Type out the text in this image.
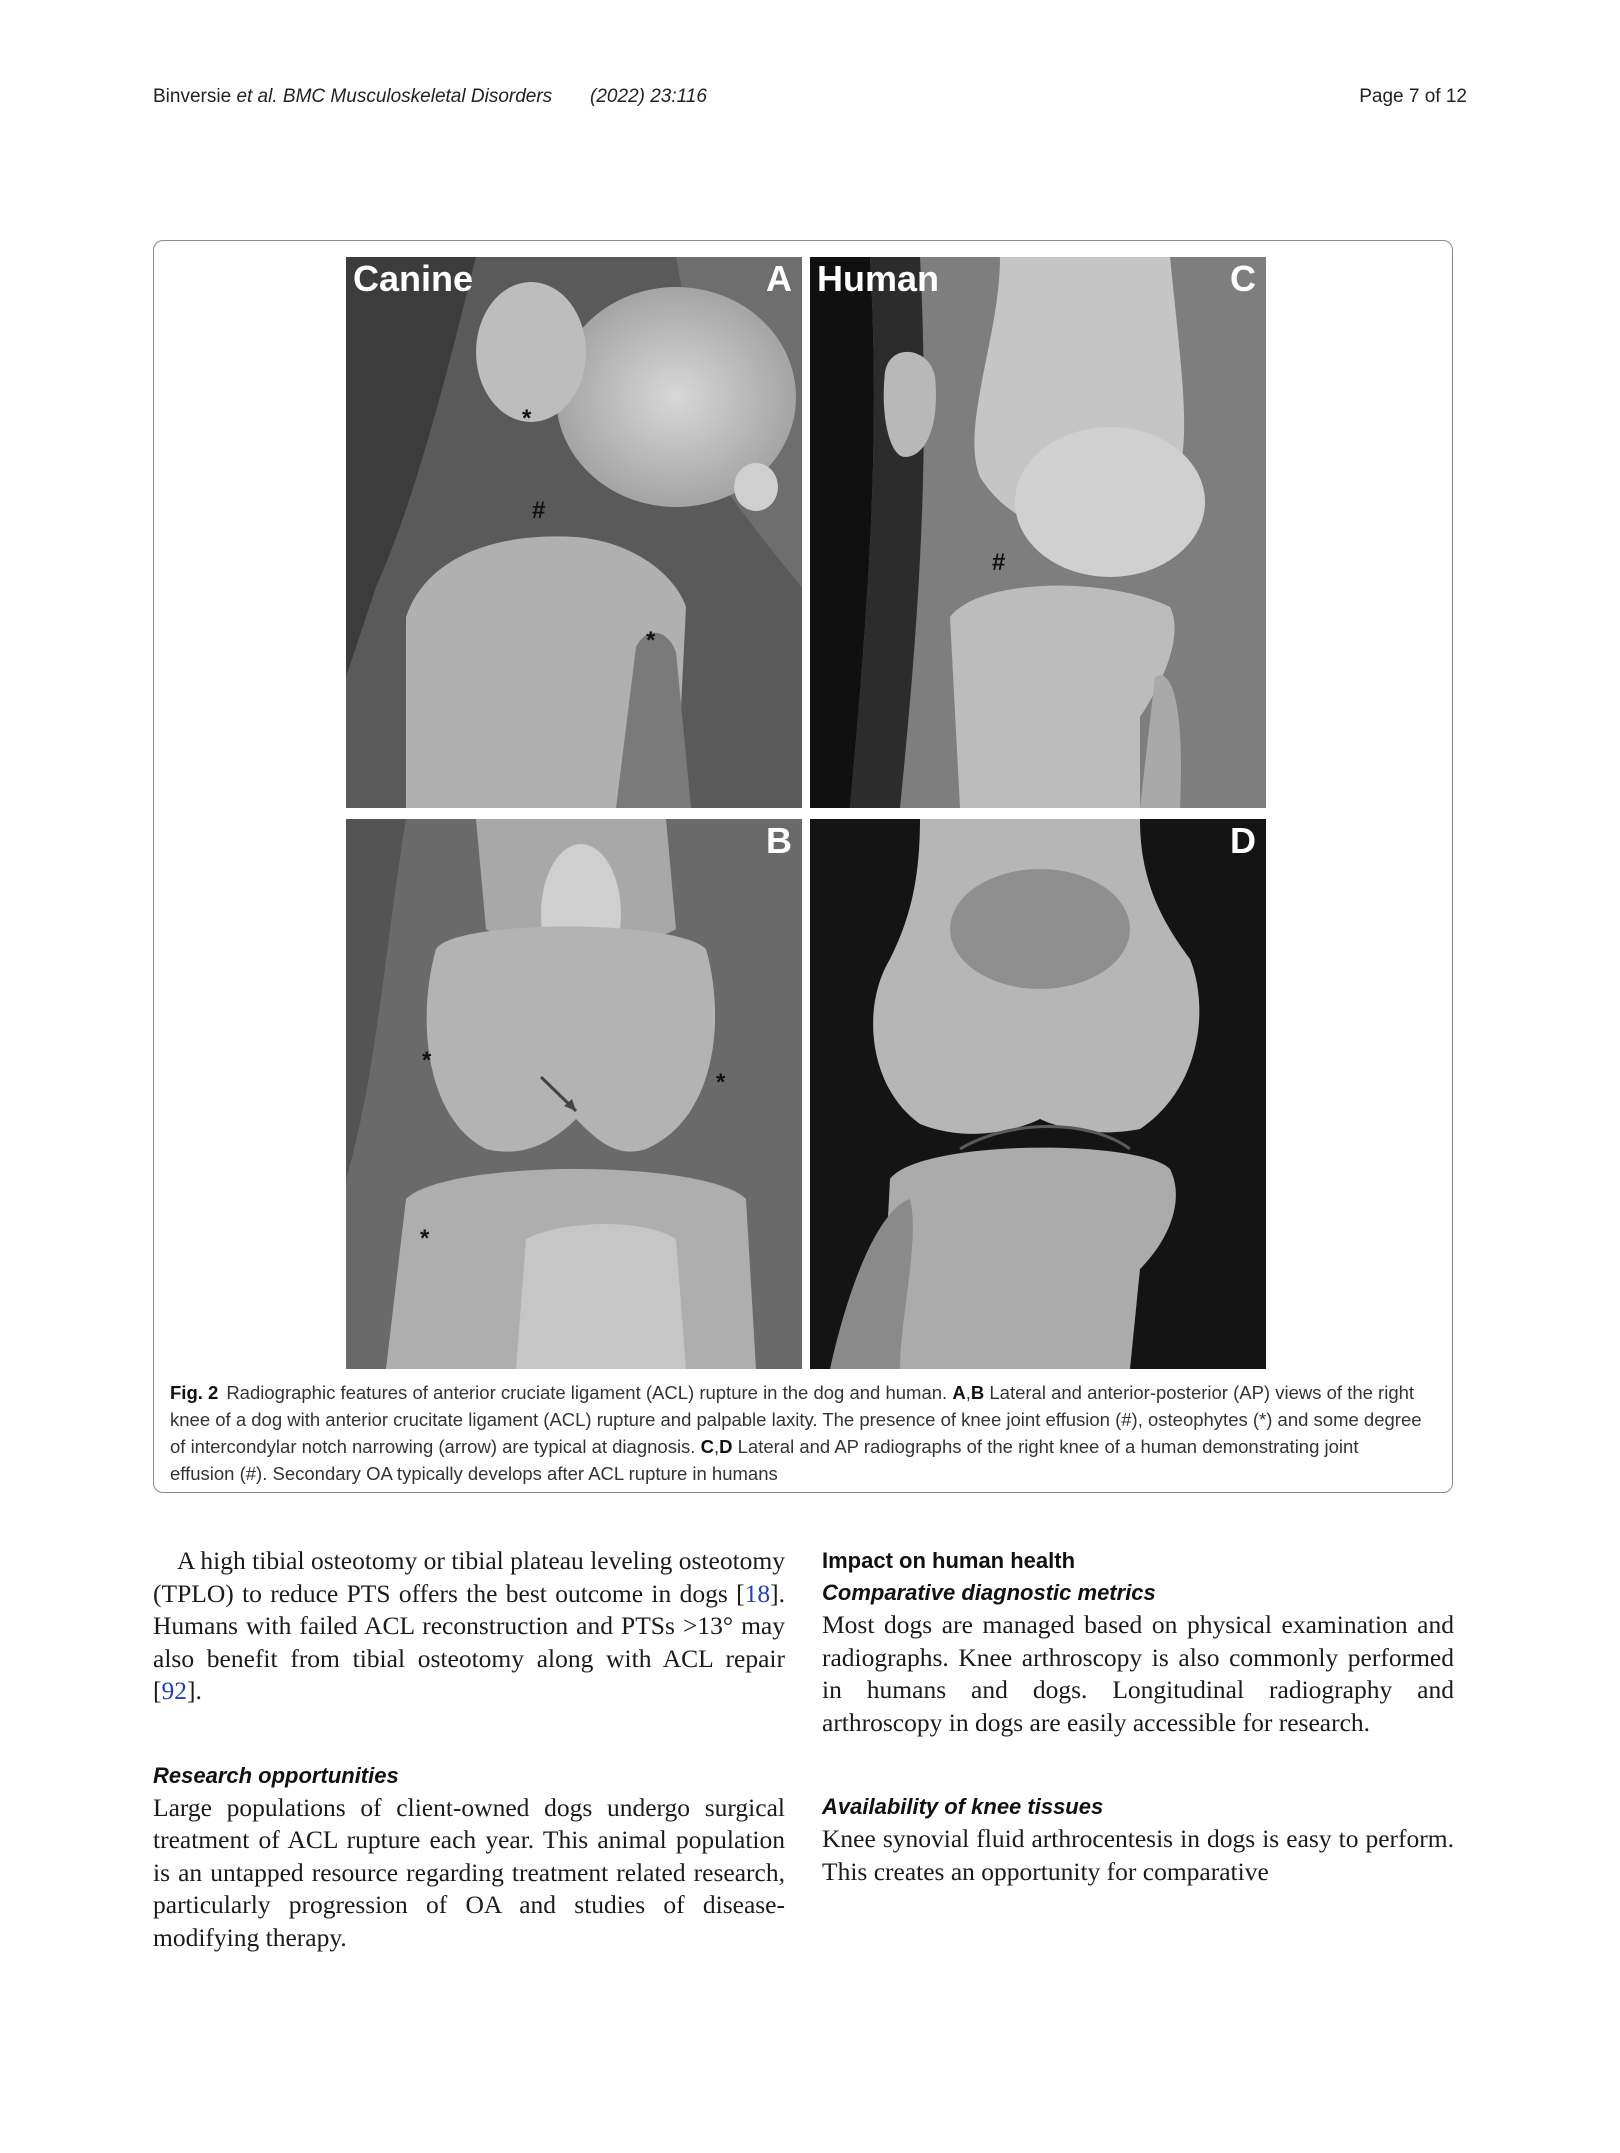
Binversie et al. BMC Musculoskeletal Disorders (2022) 23:116	Page 7 of 12
Canine	A
*
#
*
Human	C
#
B
*
*
*
D
Fig. 2 Radiographic features of anterior cruciate ligament (ACL) rupture in the dog and human. A,B Lateral and anterior-posterior (AP) views of the right knee of a dog with anterior crucitate ligament (ACL) rupture and palpable laxity. The presence of knee joint effusion (#), osteophytes (*) and some degree of intercondylar notch narrowing (arrow) are typical at diagnosis. C,D Lateral and AP radiographs of the right knee of a human demonstrating joint effusion (#). Secondary OA typically develops after ACL rupture in humans

A high tibial osteotomy or tibial plateau leveling osteotomy (TPLO) to reduce PTS offers the best outcome in dogs [18]. Humans with failed ACL reconstruction and PTSs >13° may also benefit from tibial osteotomy along with ACL repair [92].

Research opportunities

Large populations of client-owned dogs undergo surgical treatment of ACL rupture each year. This animal population is an untapped resource regarding treatment related research, particularly progression of OA and studies of disease-modifying therapy.

Impact on human health
Comparative diagnostic metrics

Most dogs are managed based on physical examination and radiographs. Knee arthroscopy is also commonly performed in humans and dogs. Longitudinal radiography and arthroscopy in dogs are easily accessible for research.

Availability of knee tissues

Knee synovial fluid arthrocentesis in dogs is easy to perform. This creates an opportunity for comparative
